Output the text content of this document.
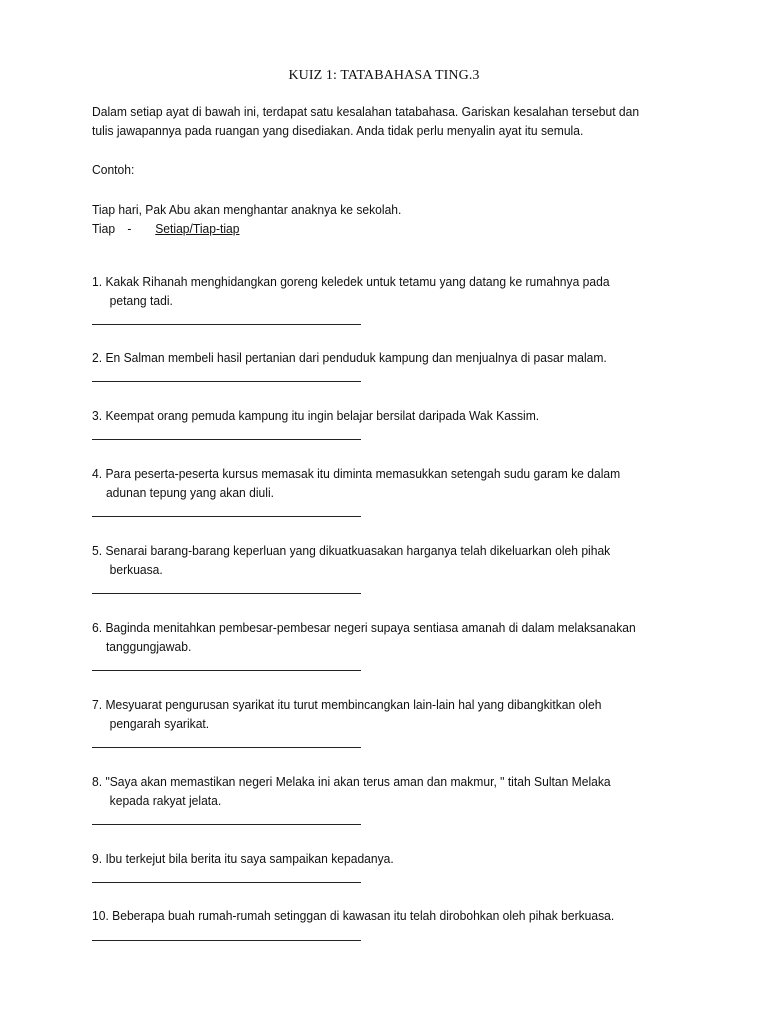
KUIZ 1: TATABAHASA TING.3
Dalam setiap ayat di bawah ini, terdapat satu kesalahan tatabahasa. Gariskan kesalahan tersebut dan
tulis jawapannya pada ruangan yang disediakan. Anda tidak perlu menyalin ayat itu semula.
Contoh:
Tiap hari, Pak Abu akan menghantar anaknya ke sekolah.
Tiap - Setiap/Tiap-tiap
1. Kakak Rihanah menghidangkan goreng keledek untuk tetamu yang datang ke rumahnya pada
petang tadi.
2. En Salman membeli hasil pertanian dari penduduk kampung dan menjualnya di pasar malam.
3. Keempat orang pemuda kampung itu ingin belajar bersilat daripada Wak Kassim.
4. Para peserta-peserta kursus memasak itu diminta memasukkan setengah sudu garam ke dalam
adunan tepung yang akan diuli.
5. Senarai barang-barang keperluan yang dikuatkuasakan harganya telah dikeluarkan oleh pihak
berkuasa.
6. Baginda menitahkan pembesar-pembesar negeri supaya sentiasa amanah di dalam melaksanakan
tanggungjawab.
7. Mesyuarat pengurusan syarikat itu turut membincangkan lain-lain hal yang dibangkitkan oleh
pengarah syarikat.
8. "Saya akan memastikan negeri Melaka ini akan terus aman dan makmur, " titah Sultan Melaka
kepada rakyat jelata.
9. Ibu terkejut bila berita itu saya sampaikan kepadanya.
10. Beberapa buah rumah-rumah setinggan di kawasan itu telah dirobohkan oleh pihak berkuasa.
